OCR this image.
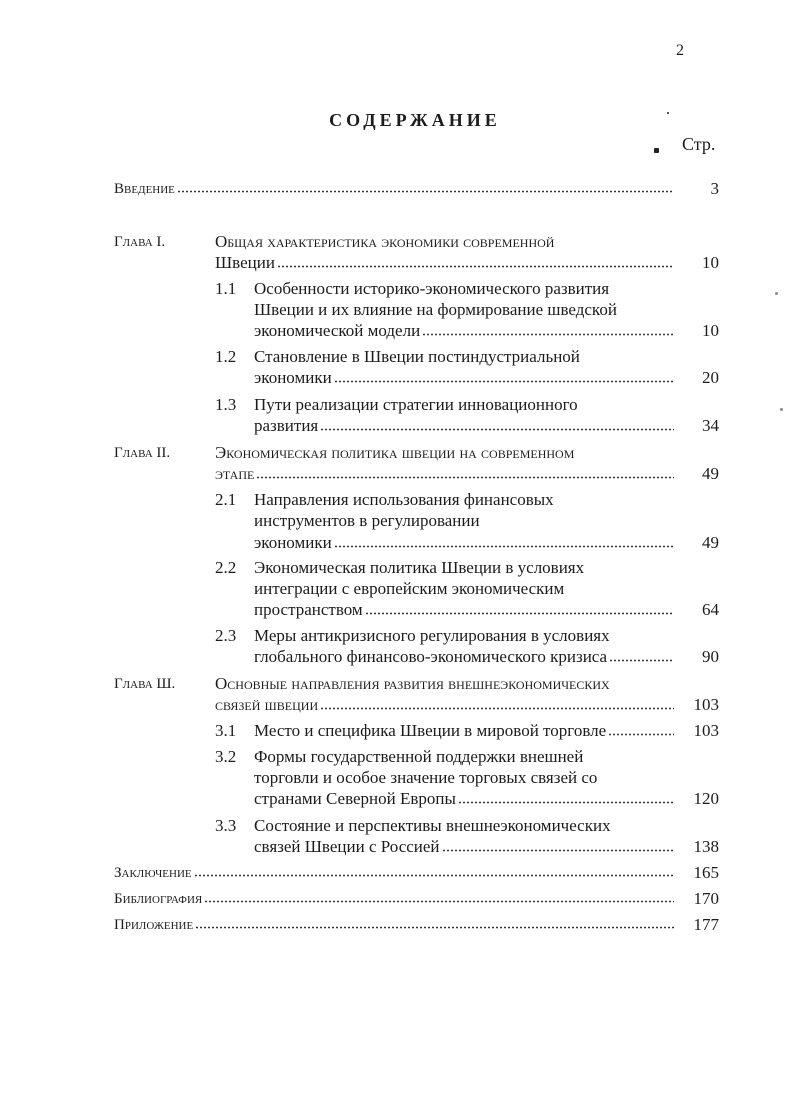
2
СОДЕРЖАНИЕ
Стр.
Введение	3
Глава I.	Общая характеристика экономики современной
Швеции	10
1.1 Особенности историко-экономического развития
Швеции и их влияние на формирование шведской
экономической модели	10
1.2 Становление в Швеции постиндустриальной
экономики	20
1.3 Пути реализации стратегии инновационного
развития	34
Глава II.	Экономическая политика швеции на современном
этапе	49
2.1 Направления использования финансовых
инструментов в регулировании
экономики	49
2.2 Экономическая политика Швеции в условиях
интеграции с европейским экономическим
пространством	64
2.3 Меры антикризисного регулирования в условиях
глобального финансово-экономического кризиса	90
Глава Ш. Основные направления развития внешнеэкономических
связей швеции	103
3.1 Место и специфика Швеции в мировой торговле	103
3.2 Формы государственной поддержки внешней
торговли и особое значение торговых связей со
странами Северной Европы	120
3.3 Состояние и перспективы внешнеэкономических
связей Швеции с Россией	138
Заключение	165
Библиография	170
Приложение	177
